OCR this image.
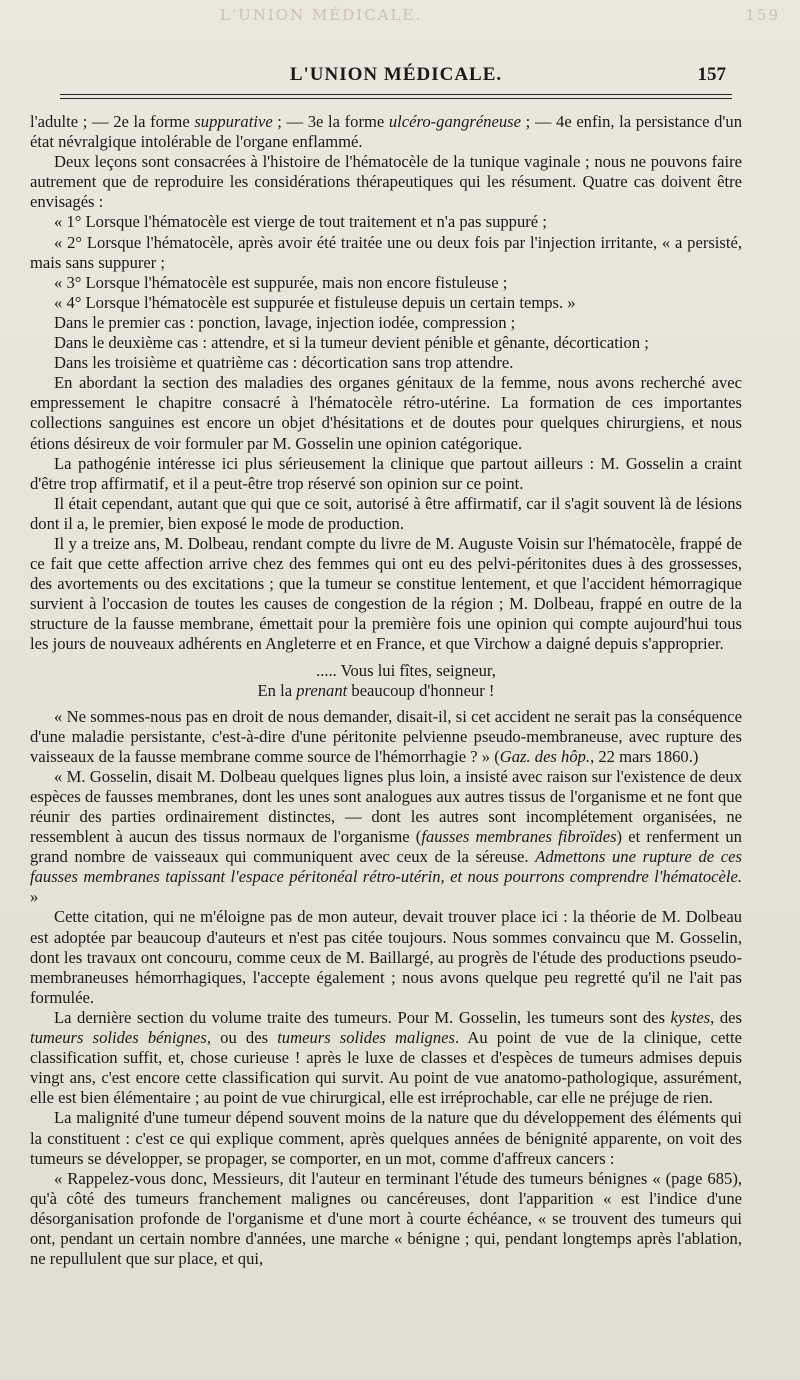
L'UNION MÉDICALE.	159
L'UNION MÉDICALE.	157

l'adulte ; — 2e la forme suppurative ; — 3e la forme ulcéro-gangréneuse ; — 4e enfin, la persistance d'un état névralgique intolérable de l'organe enflammé.

Deux leçons sont consacrées à l'histoire de l'hématocèle de la tunique vaginale ; nous ne pouvons faire autrement que de reproduire les considérations thérapeutiques qui les résument. Quatre cas doivent être envisagés :

« 1° Lorsque l'hématocèle est vierge de tout traitement et n'a pas suppuré ;

« 2° Lorsque l'hématocèle, après avoir été traitée une ou deux fois par l'injection irritante, « a persisté, mais sans suppurer ;

« 3° Lorsque l'hématocèle est suppurée, mais non encore fistuleuse ;

« 4° Lorsque l'hématocèle est suppurée et fistuleuse depuis un certain temps. »

Dans le premier cas : ponction, lavage, injection iodée, compression ;

Dans le deuxième cas : attendre, et si la tumeur devient pénible et gênante, décortication ;

Dans les troisième et quatrième cas : décortication sans trop attendre.

En abordant la section des maladies des organes génitaux de la femme, nous avons recherché avec empressement le chapitre consacré à l'hématocèle rétro-utérine. La formation de ces importantes collections sanguines est encore un objet d'hésitations et de doutes pour quelques chirurgiens, et nous étions désireux de voir formuler par M. Gosselin une opinion catégorique.

La pathogénie intéresse ici plus sérieusement la clinique que partout ailleurs : M. Gosselin a craint d'être trop affirmatif, et il a peut-être trop réservé son opinion sur ce point.

Il était cependant, autant que qui que ce soit, autorisé à être affirmatif, car il s'agit souvent là de lésions dont il a, le premier, bien exposé le mode de production.

Il y a treize ans, M. Dolbeau, rendant compte du livre de M. Auguste Voisin sur l'hématocèle, frappé de ce fait que cette affection arrive chez des femmes qui ont eu des pelvi-péritonites dues à des grossesses, des avortements ou des excitations ; que la tumeur se constitue lentement, et que l'accident hémorragique survient à l'occasion de toutes les causes de congestion de la région ; M. Dolbeau, frappé en outre de la structure de la fausse membrane, émettait pour la première fois une opinion qui compte aujourd'hui tous les jours de nouveaux adhérents en Angleterre et en France, et que Virchow a daigné depuis s'approprier.

..... Vous lui fîtes, seigneur,
En la prenant beaucoup d'honneur !

« Ne sommes-nous pas en droit de nous demander, disait-il, si cet accident ne serait pas la conséquence d'une maladie persistante, c'est-à-dire d'une péritonite pelvienne pseudo-membraneuse, avec rupture des vaisseaux de la fausse membrane comme source de l'hémorrhagie ? » (Gaz. des hôp., 22 mars 1860.)

« M. Gosselin, disait M. Dolbeau quelques lignes plus loin, a insisté avec raison sur l'existence de deux espèces de fausses membranes, dont les unes sont analogues aux autres tissus de l'organisme et ne font que réunir des parties ordinairement distinctes, — dont les autres sont incomplétement organisées, ne ressemblent à aucun des tissus normaux de l'organisme (fausses membranes fibroïdes) et renferment un grand nombre de vaisseaux qui communiquent avec ceux de la séreuse. Admettons une rupture de ces fausses membranes tapissant l'espace péritonéal rétro-utérin, et nous pourrons comprendre l'hématocèle. »

Cette citation, qui ne m'éloigne pas de mon auteur, devait trouver place ici : la théorie de M. Dolbeau est adoptée par beaucoup d'auteurs et n'est pas citée toujours. Nous sommes convaincu que M. Gosselin, dont les travaux ont concouru, comme ceux de M. Baillargé, au progrès de l'étude des productions pseudo-membraneuses hémorrhagiques, l'accepte également ; nous avons quelque peu regretté qu'il ne l'ait pas formulée.

La dernière section du volume traite des tumeurs. Pour M. Gosselin, les tumeurs sont des kystes, des tumeurs solides bénignes, ou des tumeurs solides malignes. Au point de vue de la clinique, cette classification suffit, et, chose curieuse ! après le luxe de classes et d'espèces de tumeurs admises depuis vingt ans, c'est encore cette classification qui survit. Au point de vue anatomo-pathologique, assurément, elle est bien élémentaire ; au point de vue chirurgical, elle est irréprochable, car elle ne préjuge de rien.

La malignité d'une tumeur dépend souvent moins de la nature que du développement des éléments qui la constituent : c'est ce qui explique comment, après quelques années de bénignité apparente, on voit des tumeurs se développer, se propager, se comporter, en un mot, comme d'affreux cancers :

« Rappelez-vous donc, Messieurs, dit l'auteur en terminant l'étude des tumeurs bénignes « (page 685), qu'à côté des tumeurs franchement malignes ou cancéreuses, dont l'apparition « est l'indice d'une désorganisation profonde de l'organisme et d'une mort à courte échéance, « se trouvent des tumeurs qui ont, pendant un certain nombre d'années, une marche « bénigne ; qui, pendant longtemps après l'ablation, ne repullulent que sur place, et qui,
